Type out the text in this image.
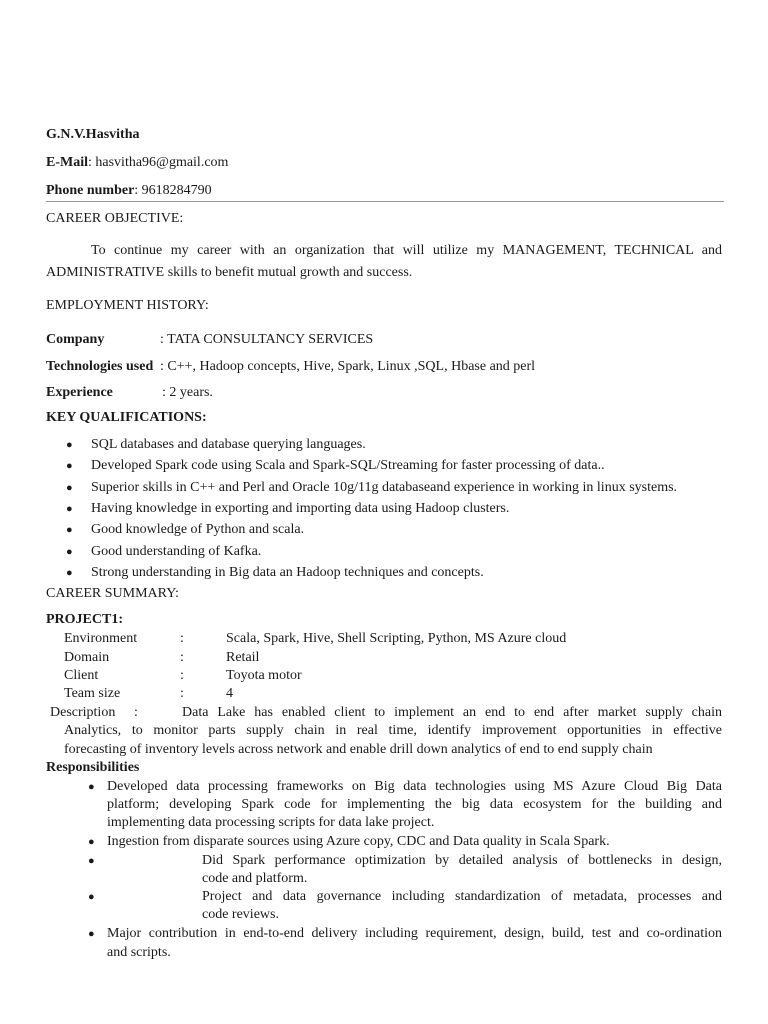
G.N.V.Hasvitha
E-Mail: hasvitha96@gmail.com
Phone number: 9618284790
CAREER OBJECTIVE:
To continue my career with an organization that will utilize my MANAGEMENT, TECHNICAL and
ADMINISTRATIVE skills to benefit mutual growth and success.
EMPLOYMENT HISTORY:
Company	: TATA CONSULTANCY SERVICES
Technologies used : C++, Hadoop concepts, Hive, Spark, Linux ,SQL, Hbase and perl
Experience	: 2 years.
KEY QUALIFICATIONS:
● SQL databases and database querying languages.
● Developed Spark code using Scala and Spark-SQL/Streaming for faster processing of data..
● Superior skills in C++ and Perl and Oracle 10g/11g databaseand experience in working in linux systems.
● Having knowledge in exporting and importing data using Hadoop clusters.
● Good knowledge of Python and scala.
● Good understanding of Kafka.
● Strong understanding in Big data an Hadoop techniques and concepts.
CAREER SUMMARY:
PROJECT1:
Environment	:	Scala, Spark, Hive, Shell Scripting, Python, MS Azure cloud
Domain	:	Retail
Client	:	Toyota motor
Team size	:	4
Description :	Data Lake has enabled client to implement an end to end after market supply chain
Analytics, to monitor parts supply chain in real time, identify improvement opportunities in effective
forecasting of inventory levels across network and enable drill down analytics of end to end supply chain
Responsibilities
● Developed data processing frameworks on Big data technologies using MS Azure Cloud Big Data
platform; developing Spark code for implementing the big data ecosystem for the building and
implementing data processing scripts for data lake project.
● Ingestion from disparate sources using Azure copy, CDC and Data quality in Scala Spark.
●	Did Spark performance optimization by detailed analysis of bottlenecks in design,
code and platform.
●	Project and data governance including standardization of metadata, processes and
code reviews.
● Major contribution in end-to-end delivery including requirement, design, build, test and co-ordination
and scripts.
